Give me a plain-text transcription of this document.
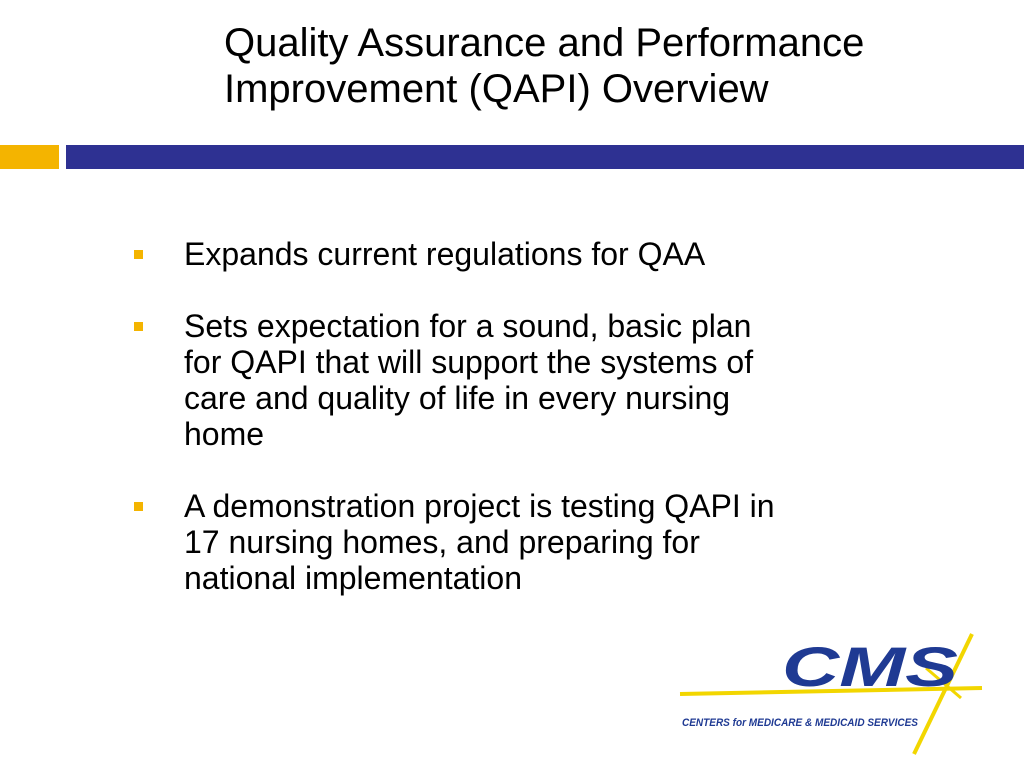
Quality Assurance and Performance
Improvement (QAPI) Overview
Expands current regulations for QAA
Sets expectation for a sound, basic plan
for QAPI that will support the systems of
care and quality of life in every nursing
home
A demonstration project is testing QAPI in
17 nursing homes, and preparing for
national implementation
CMS
CENTERS for MEDICARE & MEDICAID SERVICES
